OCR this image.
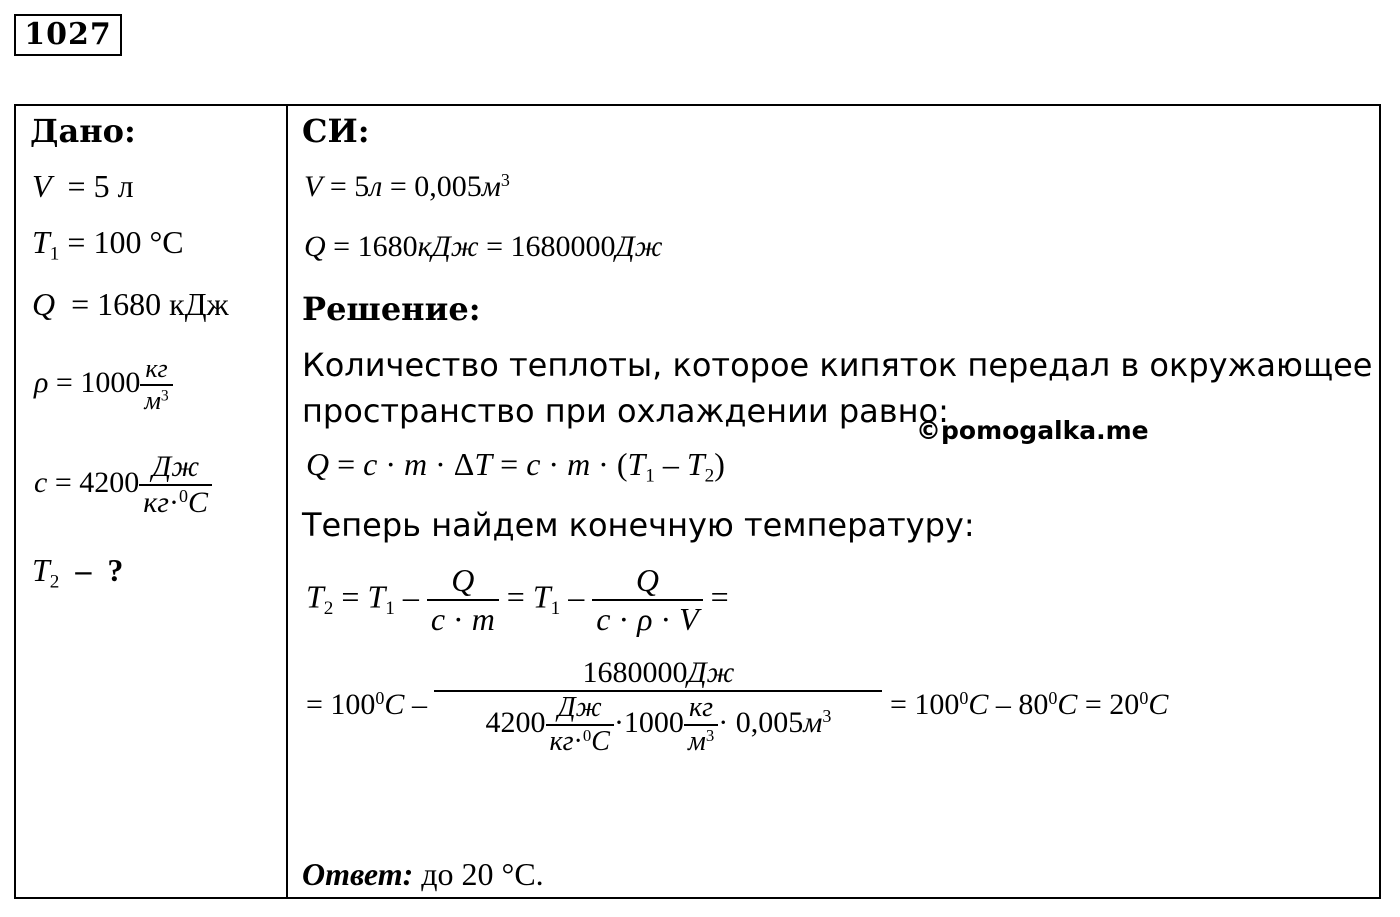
1027
Дано:
V  = 5 л
$T_1 = 100$ °C
Q  = 1680 кДж
$\rho = 1000 \frac{кг}{м^3}$
$c = 4200 \frac{Дж}{кг\cdot^0C}$
$T_2$ –  ?
СИ:
$V = 5л = 0,005м^3$
Q = 1680кДж = 1680000Дж
Решение:
Количество теплоты, которое кипяток передал в окружающее
пространство при охлаждении равно:
©pomogalka.me
$Q = c \cdot m \cdot \Delta T = c \cdot m \cdot (T_1 - T_2)$
Теперь найдем конечную температуру:
$T_2 = T_1 - \frac{Q}{c \cdot m} = T_1 - \frac{Q}{c \cdot \rho \cdot V}$ =
= $100^0C - \frac{1680000Дж}{4200 \frac{Дж}{кг\cdot^0C} \cdot 1000 \frac{кг}{м^3} \cdot 0,005м^3} = 100^0C - 80^0C = 20^0C$
Ответ: до 20 °С.
